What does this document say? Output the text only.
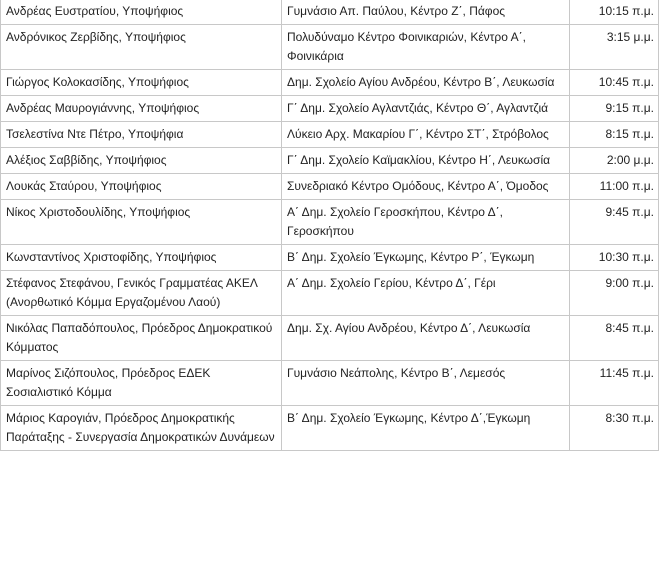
Ανδρέας Ευστρατίου, Υποψήφιος	Γυμνάσιο Απ. Παύλου, Κέντρο Ζ΄, Πάφος	10:15 π.μ.
Ανδρόνικος Ζερβίδης, Υποψήφιος	Πολυδύναμο Κέντρο Φοινικαριών, Κέντρο Α΄, Φοινικάρια	3:15 μ.μ.
Γιώργος Κολοκασίδης, Υποψήφιος	Δημ. Σχολείο Αγίου Ανδρέου, Κέντρο Β΄, Λευκωσία	10:45 π.μ.
Ανδρέας Μαυρογιάννης, Υποψήφιος	Γ΄ Δημ. Σχολείο Αγλαντζιάς, Κέντρο Θ΄, Αγλαντζιά	9:15 π.μ.
Τσελεστίνα Ντε Πέτρο, Υποψήφια	Λύκειο Αρχ. Μακαρίου Γ΄, Κέντρο ΣΤ΄, Στρόβολος	8:15 π.μ.
Αλέξιος Σαββίδης, Υποψήφιος	Γ΄ Δημ. Σχολείο Καϊμακλίου, Κέντρο Η΄, Λευκωσία	2:00 μ.μ.
Λουκάς Σταύρου, Υποψήφιος	Συνεδριακό Κέντρο Ομόδους, Κέντρο Α΄, Όμοδος	11:00 π.μ.
Νίκος Χριστοδουλίδης, Υποψήφιος	Α΄ Δημ. Σχολείο Γεροσκήπου, Κέντρο Δ΄, Γεροσκήπου	9:45 π.μ.
Κωνσταντίνος Χριστοφίδης, Υποψήφιος	Β΄ Δημ. Σχολείο Έγκωμης, Κέντρο Ρ΄, Έγκωμη	10:30 π.μ.
Στέφανος Στεφάνου, Γενικός Γραμματέας ΑΚΕΛ (Ανορθωτικό Κόμμα Εργαζομένου Λαού)	Α΄ Δημ. Σχολείο Γερίου, Κέντρο Δ΄, Γέρι	9:00 π.μ.
Νικόλας Παπαδόπουλος, Πρόεδρος Δημοκρατικού Κόμματος	Δημ. Σχ. Αγίου Ανδρέου, Κέντρο Δ΄, Λευκωσία	8:45 π.μ.
Μαρίνος Σιζόπουλος, Πρόεδρος ΕΔΕΚ Σοσιαλιστικό Κόμμα	Γυμνάσιο Νεάπολης, Κέντρο Β΄, Λεμεσός	11:45 π.μ.
Μάριος Καρογιάν, Πρόεδρος Δημοκρατικής Παράταξης - Συνεργασία Δημοκρατικών Δυνάμεων	Β΄ Δημ. Σχολείο Έγκωμης, Κέντρο Δ΄,Έγκωμη	8:30 π.μ.
